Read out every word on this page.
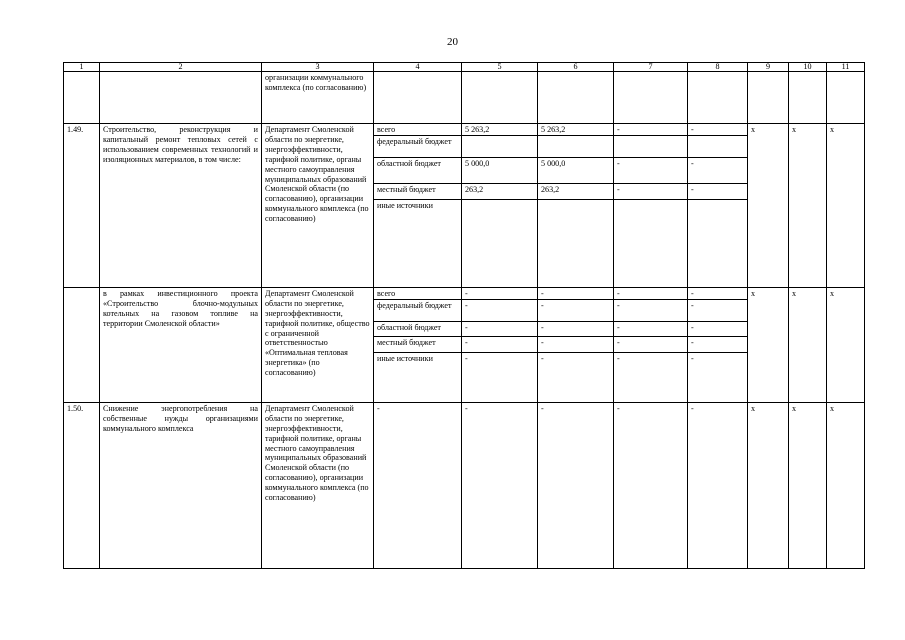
20
1	2	3	4	5	6	7	8	9	10	11
		организации коммунального комплекса (по согласованию)								
1.49.	Строительство, реконструкция и капитальный ремонт тепловых сетей с использованием современных технологий и изоляционных материалов, в том числе:	Департамент Смоленской области по энергетике, энергоэффективности, тарифной политике, органы местного самоуправления муниципальных образований Смоленской области (по согласованию), организации коммунального комплекса (по согласованию)	всего	5 263,2	5 263,2	-	-	x	x	x
			федеральный бюджет							
			областной бюджет	5 000,0	5 000,0	-	-			
			местный бюджет	263,2	263,2	-	-			
			иные источники							
	в рамках инвестиционного проекта «Строительство блочно-модульных котельных на газовом топливе на территории Смоленской области»	Департамент Смоленской области по энергетике, энергоэффективности, тарифной политике, общество с ограниченной ответственностью «Оптимальная тепловая энергетика» (по согласованию)	всего	-	-	-	-	x	x	x
			федеральный бюджет	-	-	-	-			
			областной бюджет	-	-	-	-			
			местный бюджет	-	-	-	-			
			иные источники	-	-	-	-			
1.50.	Снижение энергопотребления на собственные нужды организациями коммунального комплекса	Департамент Смоленской области по энергетике, энергоэффективности, тарифной политике, органы местного самоуправления муниципальных образований Смоленской области (по согласованию), организации коммунального комплекса (по согласованию)	-	-	-	-	-	x	x	x
